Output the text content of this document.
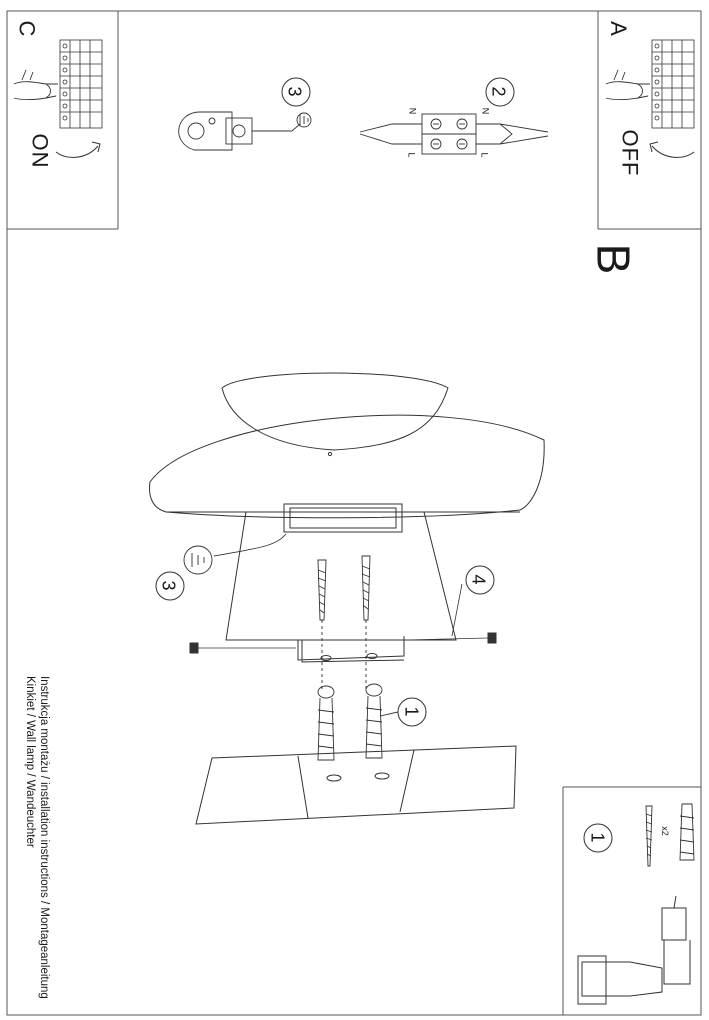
C
ON
A
OFF
B
3	2
3
4
1
1
N
L
N
L
x2
Instrukcja montażu / installation instructions / Montageanleitung
Kinkiet / Wall lamp / Wandeuchter
